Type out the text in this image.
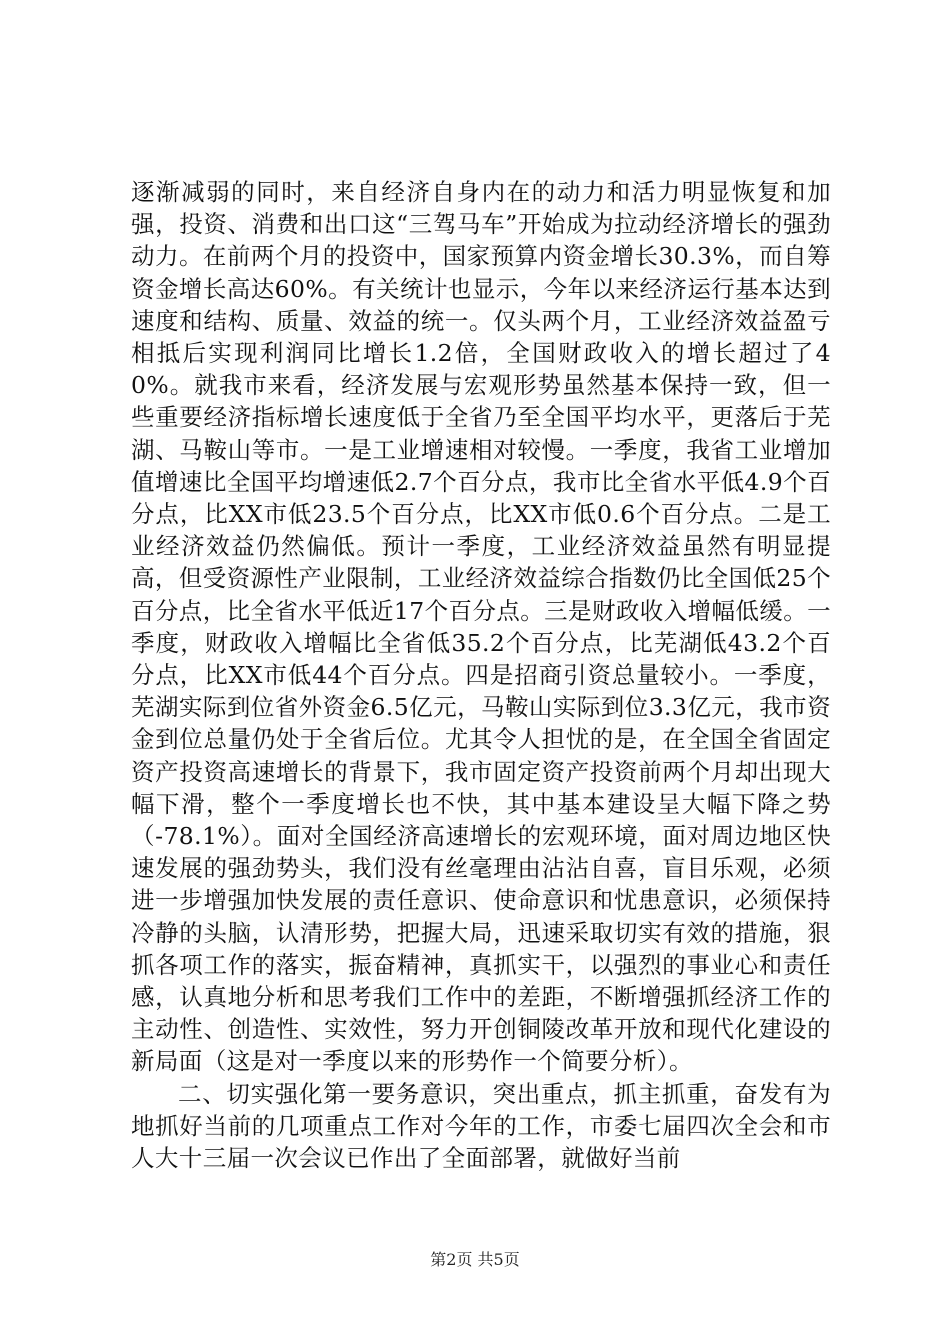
逐渐减弱的同时，来自经济自身内在的动力和活力明显恢复和加强，投资、消费和出口这“三驾马车”开始成为拉动经济增长的强劲动力。在前两个月的投资中，国家预算内资金增长30.3%，而自筹资金增长高达60%。有关统计也显示，今年以来经济运行基本达到速度和结构、质量、效益的统一。仅头两个月，工业经济效益盈亏相抵后实现利润同比增长1.2倍，全国财政收入的增长超过了40%。就我市来看，经济发展与宏观形势虽然基本保持一致，但一些重要经济指标增长速度低于全省乃至全国平均水平，更落后于芜湖、马鞍山等市。一是工业增速相对较慢。一季度，我省工业增加值增速比全国平均增速低2.7个百分点，我市比全省水平低4.9个百分点，比XX市低23.5个百分点，比XX市低0.6个百分点。二是工业经济效益仍然偏低。预计一季度，工业经济效益虽然有明显提高，但受资源性产业限制，工业经济效益综合指数仍比全国低25个百分点，比全省水平低近17个百分点。三是财政收入增幅低缓。一季度，财政收入增幅比全省低35.2个百分点，比芜湖低43.2个百分点，比XX市低44个百分点。四是招商引资总量较小。一季度，芜湖实际到位省外资金6.5亿元，马鞍山实际到位3.3亿元，我市资金到位总量仍处于全省后位。尤其令人担忧的是，在全国全省固定资产投资高速增长的背景下，我市固定资产投资前两个月却出现大幅下滑，整个一季度增长也不快，其中基本建设呈大幅下降之势（-78.1%）。面对全国经济高速增长的宏观环境，面对周边地区快速发展的强劲势头，我们没有丝毫理由沾沾自喜，盲目乐观，必须进一步增强加快发展的责任意识、使命意识和忧患意识，必须保持冷静的头脑，认清形势，把握大局，迅速采取切实有效的措施，狠抓各项工作的落实，振奋精神，真抓实干，以强烈的事业心和责任感，认真地分析和思考我们工作中的差距，不断增强抓经济工作的主动性、创造性、实效性，努力开创铜陵改革开放和现代化建设的新局面（这是对一季度以来的形势作一个简要分析）。

二、切实强化第一要务意识，突出重点，抓主抓重，奋发有为地抓好当前的几项重点工作对今年的工作，市委七届四次全会和市人大十三届一次会议已作出了全面部署，就做好当前

第2页 共5页
